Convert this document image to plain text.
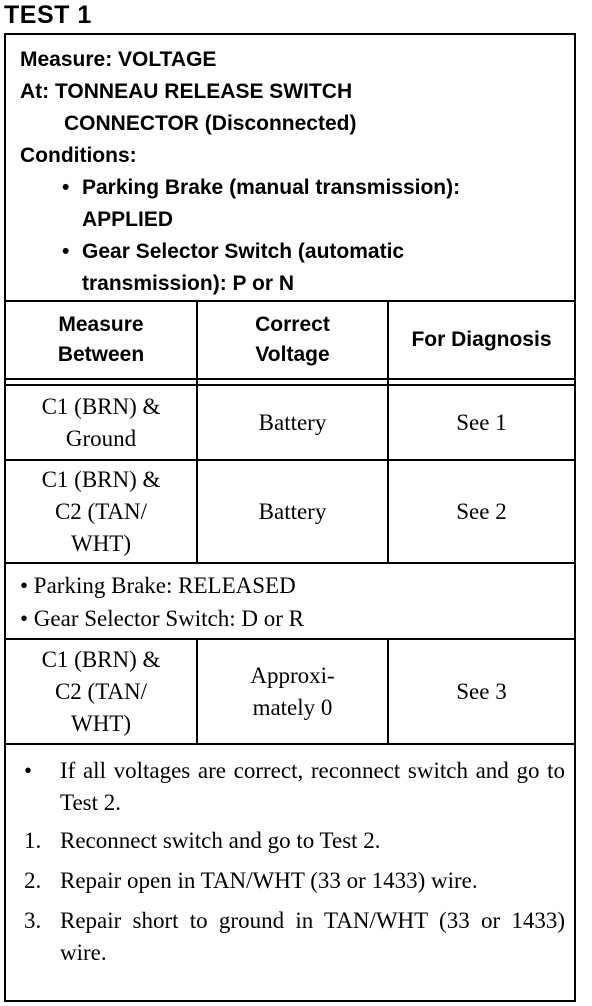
TEST 1
Measure: VOLTAGE
At: TONNEAU RELEASE SWITCH
CONNECTOR (Disconnected)
Conditions:
• Parking Brake (manual transmission):
APPLIED
• Gear Selector Switch (automatic
transmission): P or N
Measure
Between
Correct
Voltage
For Diagnosis
C1 (BRN) &
Ground
Battery	See 1
C1 (BRN) &
C2 (TAN/
WHT)
Battery	See 2
• Parking Brake: RELEASED
• Gear Selector Switch: D or R
C1 (BRN) &
C2 (TAN/
WHT)
Approxi-
mately 0
See 3
• If all voltages are correct, reconnect switch and go to Test 2.
1. Reconnect switch and go to Test 2.
2. Repair open in TAN/WHT (33 or 1433) wire.
3. Repair short to ground in TAN/WHT (33 or 1433) wire.
